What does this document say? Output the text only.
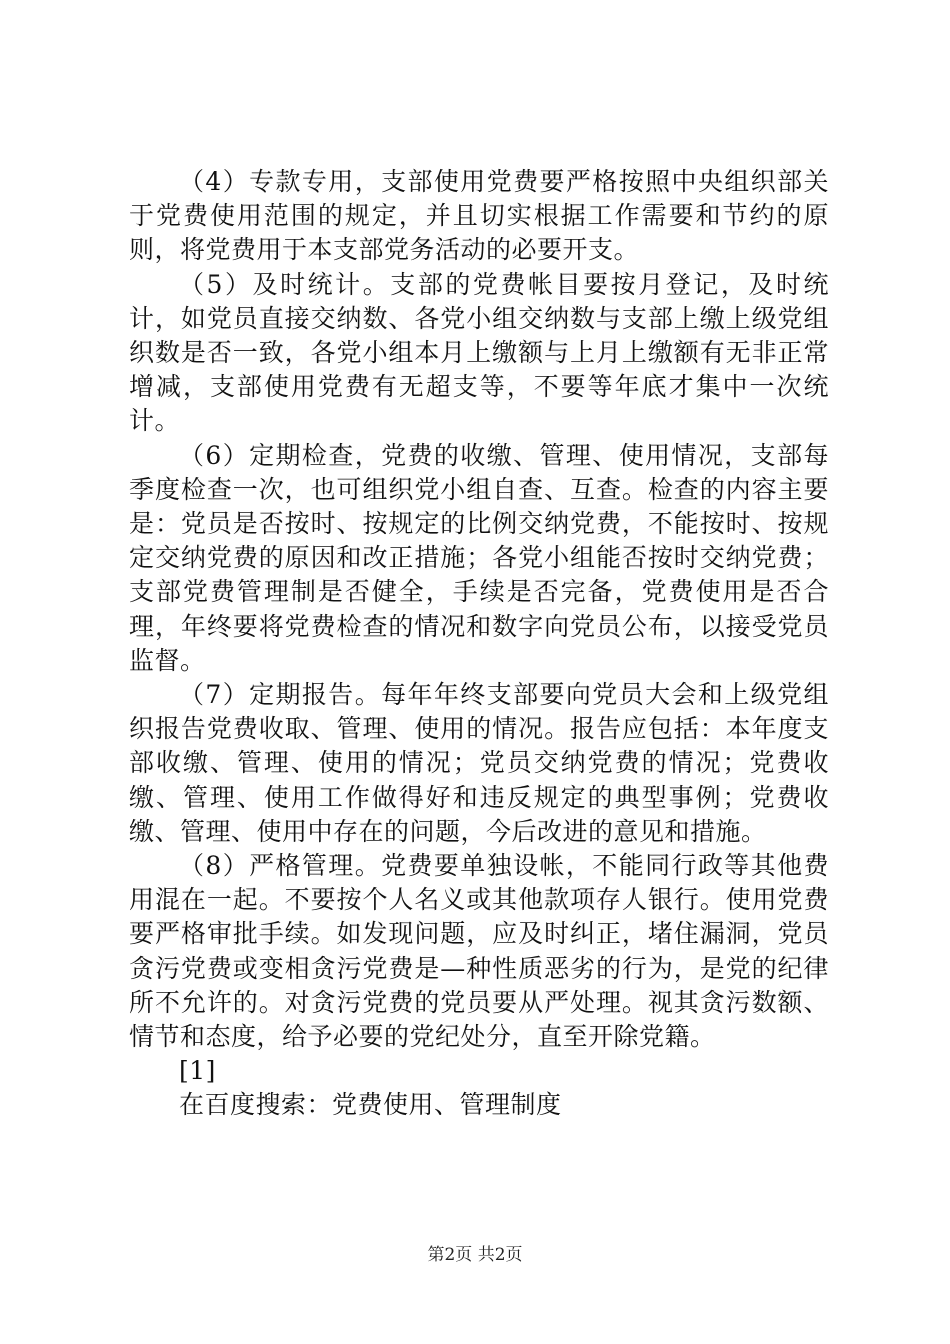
（4）专款专用，支部使用党费要严格按照中央组织部关于党费使用范围的规定，并且切实根据工作需要和节约的原则，将党费用于本支部党务活动的必要开支。

（5）及时统计。支部的党费帐目要按月登记，及时统计，如党员直接交纳数、各党小组交纳数与支部上缴上级党组织数是否一致，各党小组本月上缴额与上月上缴额有无非正常增减，支部使用党费有无超支等，不要等年底才集中一次统计。

（6）定期检查，党费的收缴、管理、使用情况，支部每季度检查一次，也可组织党小组自查、互查。检查的内容主要是：党员是否按时、按规定的比例交纳党费，不能按时、按规定交纳党费的原因和改正措施；各党小组能否按时交纳党费；支部党费管理制是否健全，手续是否完备，党费使用是否合理，年终要将党费检查的情况和数字向党员公布，以接受党员监督。

（7）定期报告。每年年终支部要向党员大会和上级党组织报告党费收取、管理、使用的情况。报告应包括：本年度支部收缴、管理、使用的情况；党员交纳党费的情况；党费收缴、管理、使用工作做得好和违反规定的典型事例；党费收缴、管理、使用中存在的问题，今后改进的意见和措施。

（8）严格管理。党费要单独设帐，不能同行政等其他费用混在一起。不要按个人名义或其他款项存人银行。使用党费要严格审批手续。如发现问题，应及时纠正，堵住漏洞，党员贪污党费或变相贪污党费是—种性质恶劣的行为，是党的纪律所不允许的。对贪污党费的党员要从严处理。视其贪污数额、情节和态度，给予必要的党纪处分，直至开除党籍。

[1]

在百度搜索：党费使用、管理制度

第2页 共2页
